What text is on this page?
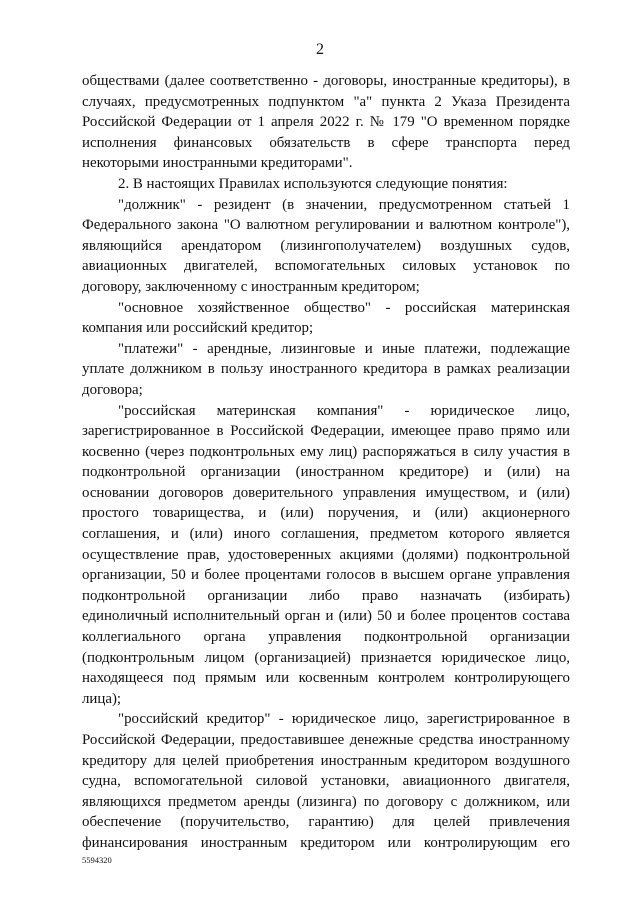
2
обществами (далее соответственно - договоры, иностранные кредиторы), в
случаях, предусмотренных подпунктом "а" пункта 2 Указа Президента
Российской Федерации от 1 апреля 2022 г. № 179 "О временном порядке
исполнения финансовых обязательств в сфере транспорта перед
некоторыми иностранными кредиторами".
2. В настоящих Правилах используются следующие понятия:
"должник" - резидент (в значении, предусмотренном статьей 1
Федерального закона "О валютном регулировании и валютном контроле"),
являющийся арендатором (лизингополучателем) воздушных судов,
авиационных двигателей, вспомогательных силовых установок по
договору, заключенному с иностранным кредитором;
"основное хозяйственное общество" - российская материнская
компания или российский кредитор;
"платежи" - арендные, лизинговые и иные платежи, подлежащие
уплате должником в пользу иностранного кредитора в рамках реализации
договора;
"российская материнская компания" - юридическое лицо,
зарегистрированное в Российской Федерации, имеющее право прямо или
косвенно (через подконтрольных ему лиц) распоряжаться в силу участия в
подконтрольной организации (иностранном кредиторе) и (или) на
основании договоров доверительного управления имуществом, и (или)
простого товарищества, и (или) поручения, и (или) акционерного
соглашения, и (или) иного соглашения, предметом которого является
осуществление прав, удостоверенных акциями (долями) подконтрольной
организации, 50 и более процентами голосов в высшем органе управления
подконтрольной организации либо право назначать (избирать)
единоличный исполнительный орган и (или) 50 и более процентов состава
коллегиального органа управления подконтрольной организации
(подконтрольным лицом (организацией) признается юридическое лицо,
находящееся под прямым или косвенным контролем контролирующего
лица);
"российский кредитор" - юридическое лицо, зарегистрированное в
Российской Федерации, предоставившее денежные средства иностранному
кредитору для целей приобретения иностранным кредитором воздушного
судна, вспомогательной силовой установки, авиационного двигателя,
являющихся предметом аренды (лизинга) по договору с должником, или
обеспечение (поручительство, гарантию) для целей привлечения
финансирования иностранным кредитором или контролирующим его
5594320
